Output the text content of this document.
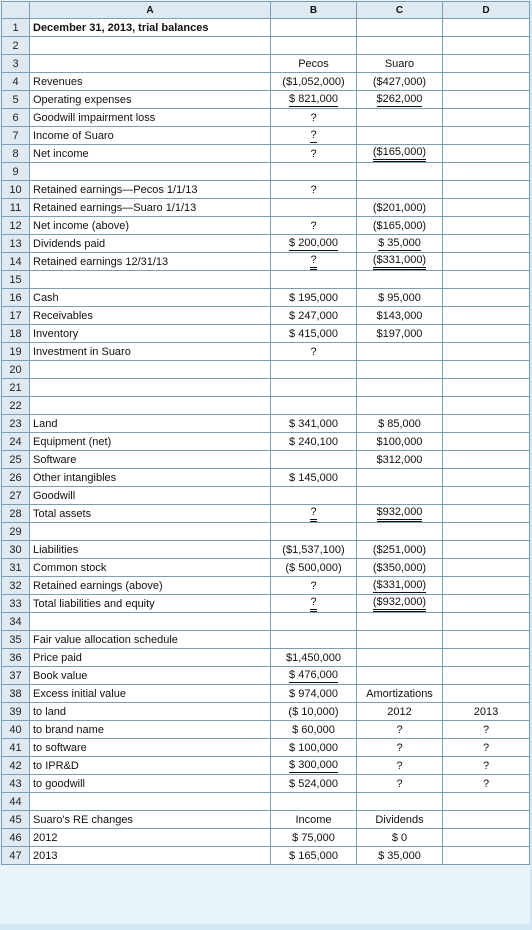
	A	B	C	D
1	December 31, 2013, trial balances			
2				
3		Pecos	Suaro	
4	Revenues	($1,052,000)	($427,000)	
5	Operating expenses	$ 821,000	$262,000	
6	Goodwill impairment loss	?		
7	Income of Suaro	?		
8	Net income	?	($165,000)	
9				
10	Retained earnings—Pecos 1/1/13	?		
11	Retained earnings—Suaro 1/1/13		($201,000)	
12	Net income (above)	?	($165,000)	
13	Dividends paid	$ 200,000	$ 35,000	
14	Retained earnings 12/31/13	?	($331,000)	
15				
16	Cash	$ 195,000	$ 95,000	
17	Receivables	$ 247,000	$143,000	
18	Inventory	$ 415,000	$197,000	
19	Investment in Suaro	?		
20				
21				
22				
23	Land	$ 341,000	$ 85,000	
24	Equipment (net)	$ 240,100	$100,000	
25	Software		$312,000	
26	Other intangibles	$ 145,000		
27	Goodwill			
28	Total assets	?	$932,000	
29				
30	Liabilities	($1,537,100)	($251,000)	
31	Common stock	($ 500,000)	($350,000)	
32	Retained earnings (above)	?	($331,000)	
33	Total liabilities and equity	?	($932,000)	
34				
35	Fair value allocation schedule			
36	Price paid	$1,450,000		
37	Book value	$ 476,000		
38	Excess initial value	$ 974,000	Amortizations	
39	to land	($ 10,000)	2012	2013
40	to brand name	$ 60,000	?	?
41	to software	$ 100,000	?	?
42	to IPR&D	$ 300,000	?	?
43	to goodwill	$ 524,000	?	?
44				
45	Suaro's RE changes	Income	Dividends	
46	2012	$ 75,000	$ 0	
47	2013	$ 165,000	$ 35,000	
